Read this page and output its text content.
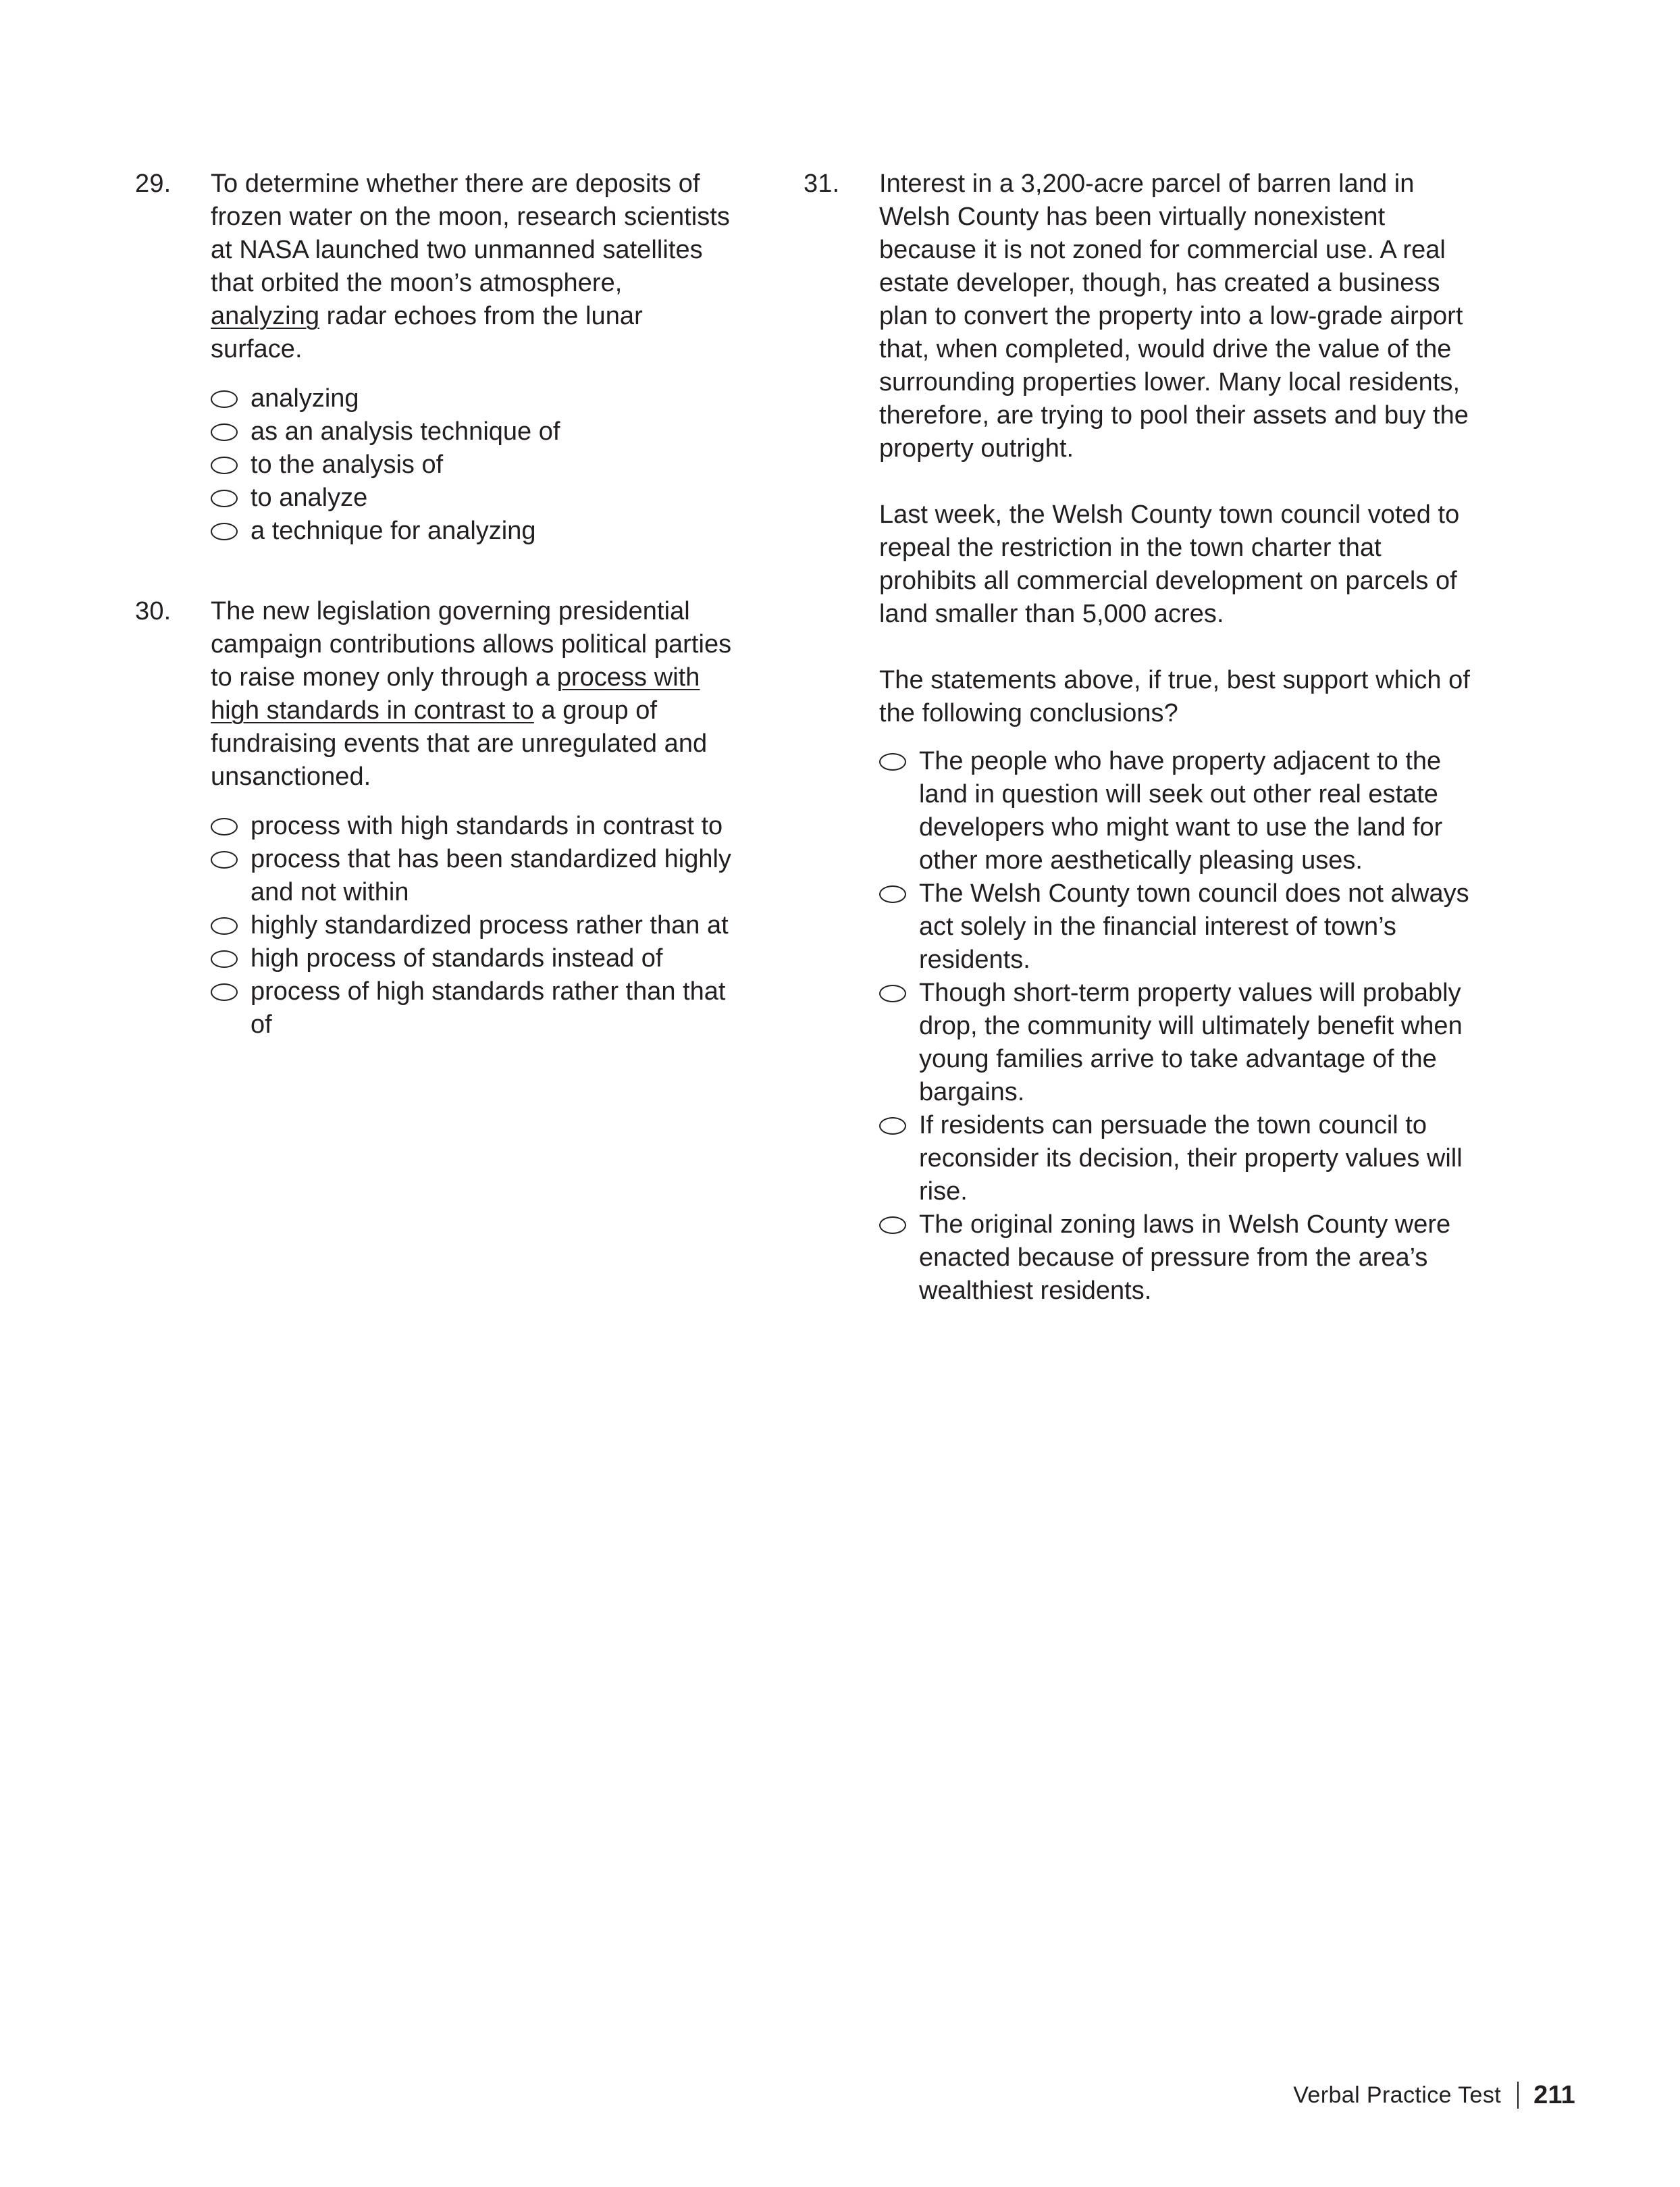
29.	To determine whether there are deposits of frozen water on the moon, research scientists at NASA launched two unmanned satellites that orbited the moon’s atmosphere, analyzing radar echoes from the lunar surface.
analyzing
as an analysis technique of
to the analysis of
to analyze
a technique for analyzing
30.	The new legislation governing presidential campaign contributions allows political parties to raise money only through a process with high standards in contrast to a group of fundraising events that are unregulated and unsanctioned.
process with high standards in contrast to
process that has been standardized highly and not within
highly standardized process rather than at
high process of standards instead of
process of high standards rather than that of
31.	Interest in a 3,200-acre parcel of barren land in Welsh County has been virtually nonexistent because it is not zoned for commercial use. A real estate developer, though, has created a business plan to convert the property into a low-grade airport that, when completed, would drive the value of the surrounding properties lower. Many local residents, therefore, are trying to pool their assets and buy the property outright.
Last week, the Welsh County town council voted to repeal the restriction in the town charter that prohibits all commercial development on parcels of land smaller than 5,000 acres.
The statements above, if true, best support which of the following conclusions?
The people who have property adjacent to the land in question will seek out other real estate developers who might want to use the land for other more aesthetically pleasing uses.
The Welsh County town council does not always act solely in the financial interest of town’s residents.
Though short-term property values will probably drop, the community will ultimately benefit when young families arrive to take advantage of the bargains.
If residents can persuade the town council to reconsider its decision, their property values will rise.
The original zoning laws in Welsh County were enacted because of pressure from the area’s wealthiest residents.
Verbal Practice Test 211
